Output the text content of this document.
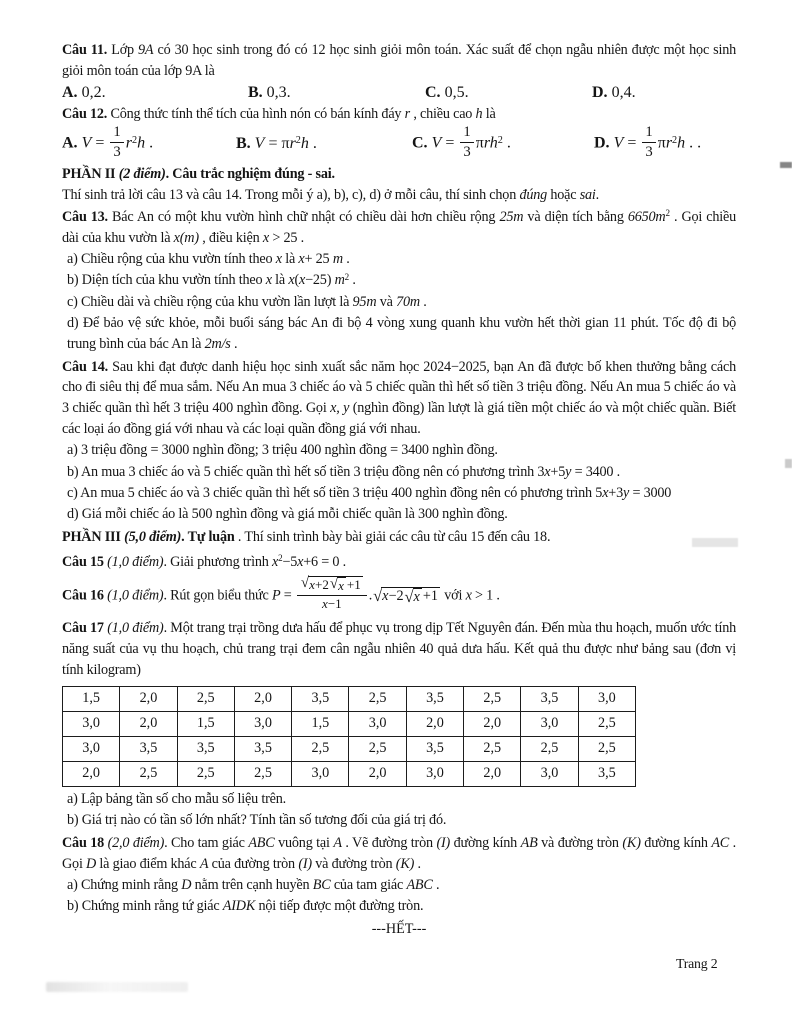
Câu 11. Lớp 9A có 30 học sinh trong đó có 12 học sinh giỏi môn toán. Xác suất để chọn ngẫu nhiên được một học sinh giỏi môn toán của lớp 9A là

A. 0,2.	B. 0,3.	C. 0,5.	D. 0,4.

Câu 12. Công thức tính thể tích của hình nón có bán kính đáy r , chiều cao h là

A. $V = \frac{1}{3} r^2h$ .	B. $V = \pi r^2h$ .	C. $V = \frac{1}{3} \pi rh^2$ .	D. $V = \frac{1}{3} \pi r^2h$ . .

PHẦN II (2 điểm). Câu trắc nghiệm đúng - sai.

Thí sinh trả lời câu 13 và câu 14. Trong mỗi ý a), b), c), d) ở mỗi câu, thí sinh chọn đúng hoặc sai.

Câu 13. Bác An có một khu vườn hình chữ nhật có chiều dài hơn chiều rộng 25m và diện tích bằng $6650m^2$ . Gọi chiều dài của khu vườn là x(m) , điều kiện x > 25 .

a) Chiều rộng của khu vườn tính theo x là x+ 25 m .

b) Diện tích của khu vườn tính theo x là x(x−25) $m^2$ .

c) Chiều dài và chiều rộng của khu vườn lần lượt là 95m và 70m .

d) Để bảo vệ sức khỏe, mỗi buổi sáng bác An đi bộ 4 vòng xung quanh khu vườn hết thời gian 11 phút. Tốc độ đi bộ trung bình của bác An là 2m/s .

Câu 14. Sau khi đạt được danh hiệu học sinh xuất sắc năm học 2024−2025, bạn An đã được bố khen thưởng bằng cách cho đi siêu thị để mua sắm. Nếu An mua 3 chiếc áo và 5 chiếc quần thì hết số tiền 3 triệu đồng. Nếu An mua 5 chiếc áo và 3 chiếc quần thì hết 3 triệu 400 nghìn đồng. Gọi x, y (nghìn đồng) lần lượt là giá tiền một chiếc áo và một chiếc quần. Biết các loại áo đồng giá với nhau và các loại quần đồng giá với nhau.

a) 3 triệu đồng = 3000 nghìn đồng; 3 triệu 400 nghìn đồng = 3400 nghìn đồng.

b) An mua 3 chiếc áo và 5 chiếc quần thì hết số tiền 3 triệu đồng nên có phương trình 3x+5y = 3400 .

c) An mua 5 chiếc áo và 3 chiếc quần thì hết số tiền 3 triệu 400 nghìn đồng nên có phương trình 5x+3y = 3000

d) Giá mỗi chiếc áo là 500 nghìn đồng và giá mỗi chiếc quần là 300 nghìn đồng.

PHẦN III (5,0 điểm). Tự luận . Thí sinh trình bày bài giải các câu từ câu 15 đến câu 18.

Câu 15 (1,0 điểm). Giải phương trình $x^2-5x+6 = 0$ .

Câu 16 (1,0 điểm). Rút gọn biểu thức $P = \frac{√x+2√x +1}{x-1} .√x-2√x +1$ với x > 1 .

Câu 17 (1,0 điểm). Một trang trại trồng dưa hấu để phục vụ trong dịp Tết Nguyên đán. Đến mùa thu hoạch, muốn ước tính năng suất của vụ thu hoạch, chủ trang trại đem cân ngẫu nhiên 40 quả dưa hấu. Kết quả thu được như bảng sau (đơn vị tính kilogram)

1,5	2,0	2,5	2,0	3,5	2,5	3,5	2,5	3,5	3,0
3,0	2,0	1,5	3,0	1,5	3,0	2,0	2,0	3,0	2,5
3,0	3,5	3,5	3,5	2,5	2,5	3,5	2,5	2,5	2,5
2,0	2,5	2,5	2,5	3,0	2,0	3,0	2,0	3,0	3,5

a) Lập bảng tần số cho mẫu số liệu trên.

b) Giá trị nào có tần số lớn nhất? Tính tần số tương đối của giá trị đó.

Câu 18 (2,0 điểm). Cho tam giác ABC vuông tại A . Vẽ đường tròn (I) đường kính AB và đường tròn (K) đường kính AC . Gọi D là giao điểm khác A của đường tròn (I) và đường tròn (K) .

a) Chứng minh rằng D nằm trên cạnh huyền BC của tam giác ABC .

b) Chứng minh rằng tứ giác AIDK nội tiếp được một đường tròn.

---HẾT---

Trang 2
